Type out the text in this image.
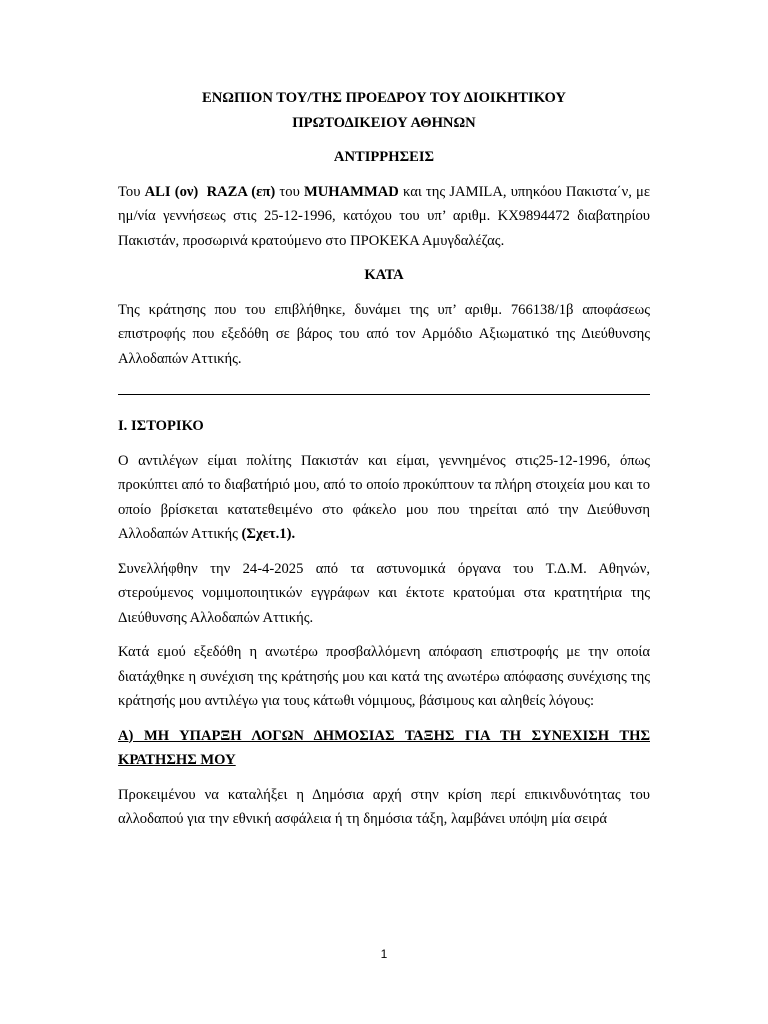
ΕΝΩΠΙΟΝ ΤΟΥ/ΤΗΣ ΠΡΟΕΔΡΟΥ ΤΟΥ ΔΙΟΙΚΗΤΙΚΟΥ ΠΡΩΤΟΔΙΚΕΙΟΥ ΑΘΗΝΩΝ

ΑΝΤΙΡΡΗΣΕΙΣ

Του ALI (ον) RAZA (επ) του MUHAMMAD και της JAMILA, υπηκόου Πακιστα΄ν, με ημ/νία γεννήσεως στις 25-12-1996, κατόχου του υπ’ αριθμ. KX9894472 διαβατηρίου Πακιστάν, προσωρινά κρατούμενο στο ΠΡΟΚΕΚΑ Αμυγδαλέζας.

ΚΑΤΑ

Της κράτησης που του επιβλήθηκε, δυνάμει της υπ’ αριθμ. 766138/1β αποφάσεως επιστροφής που εξεδόθη σε βάρος του από τον Αρμόδιο Αξιωματικό της Διεύθυνσης Αλλοδαπών Αττικής.

Ι. ΙΣΤΟΡΙΚΟ

Ο αντιλέγων είμαι πολίτης Πακιστάν και είμαι, γεννημένος στις25-12-1996, όπως προκύπτει από το διαβατήριό μου, από το οποίο προκύπτουν τα πλήρη στοιχεία μου και το οποίο βρίσκεται κατατεθειμένο στο φάκελο μου που τηρείται από την Διεύθυνση Αλλοδαπών Αττικής (Σχετ.1).

Συνελλήφθην την 24-4-2025 από τα αστυνομικά όργανα του Τ.Δ.Μ. Αθηνών, στερούμενος νομιμοποιητικών εγγράφων και έκτοτε κρατούμαι στα κρατητήρια της Διεύθυνσης Αλλοδαπών Αττικής.

Κατά εμού εξεδόθη η ανωτέρω προσβαλλόμενη απόφαση επιστροφής με την οποία διατάχθηκε η συνέχιση της κράτησής μου και κατά της ανωτέρω απόφασης συνέχισης της κράτησής μου αντιλέγω για τους κάτωθι νόμιμους, βάσιμους και αληθείς λόγους:

Α) ΜΗ ΥΠΑΡΞΗ ΛΟΓΩΝ ΔΗΜΟΣΙΑΣ ΤΑΞΗΣ ΓΙΑ ΤΗ ΣΥΝΕΧΙΣΗ ΤΗΣ ΚΡΑΤΗΣΗΣ ΜΟΥ

Προκειμένου να καταλήξει η Δημόσια αρχή στην κρίση περί επικινδυνότητας του αλλοδαπού για την εθνική ασφάλεια ή τη δημόσια τάξη, λαμβάνει υπόψη μία σειρά

1
